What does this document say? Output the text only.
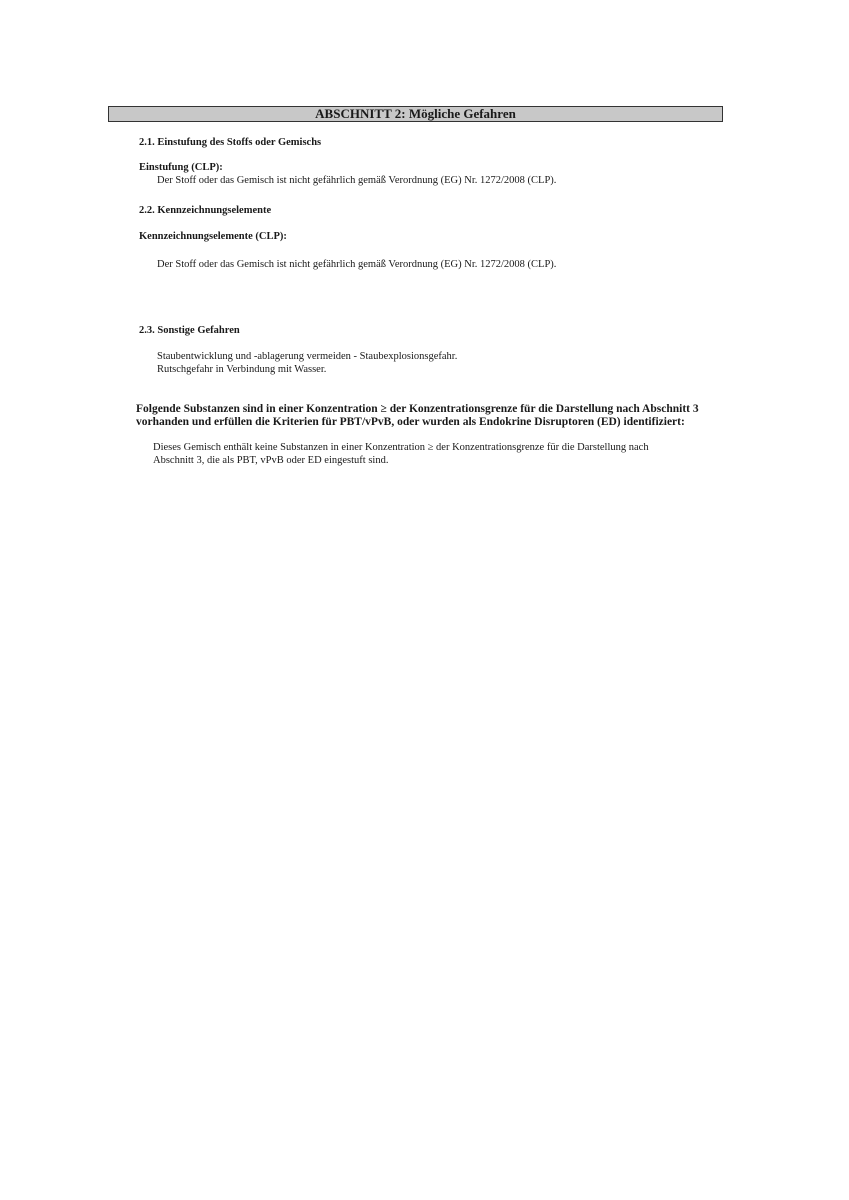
ABSCHNITT 2: Mögliche Gefahren
2.1. Einstufung des Stoffs oder Gemischs
Einstufung (CLP):
Der Stoff oder das Gemisch ist nicht gefährlich gemäß Verordnung (EG) Nr. 1272/2008 (CLP).
2.2. Kennzeichnungselemente
Kennzeichnungselemente (CLP):
Der Stoff oder das Gemisch ist nicht gefährlich gemäß Verordnung (EG) Nr. 1272/2008 (CLP).
2.3. Sonstige Gefahren
Staubentwicklung und -ablagerung vermeiden - Staubexplosionsgefahr.
Rutschgefahr in Verbindung mit Wasser.
Folgende Substanzen sind in einer Konzentration ≥ der Konzentrationsgrenze für die Darstellung nach Abschnitt 3
vorhanden und erfüllen die Kriterien für PBT/vPvB, oder wurden als Endokrine Disruptoren (ED) identifiziert:
Dieses Gemisch enthält keine Substanzen in einer Konzentration ≥ der Konzentrationsgrenze für die Darstellung nach
Abschnitt 3, die als PBT, vPvB oder ED eingestuft sind.
